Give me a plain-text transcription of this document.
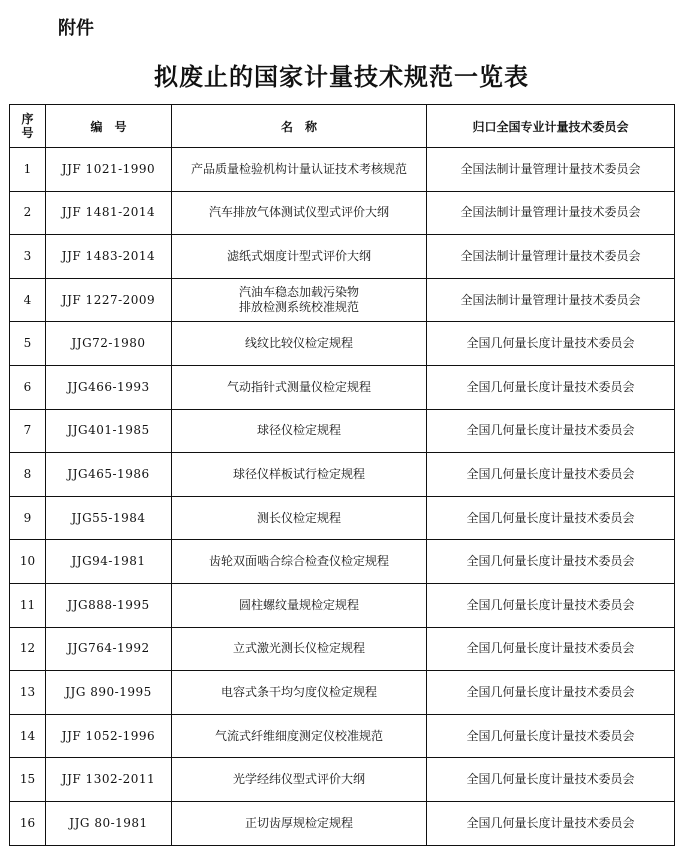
附件
拟废止的国家计量技术规范一览表
序
号	编　号	名　称	归口全国专业计量技术委员会
1	JJF 1021-1990	产品质量检验机构计量认证技术考核规范	全国法制计量管理计量技术委员会
2	JJF 1481-2014	汽车排放气体测试仪型式评价大纲	全国法制计量管理计量技术委员会
3	JJF 1483-2014	滤纸式烟度计型式评价大纲	全国法制计量管理计量技术委员会
4	JJF 1227-2009	汽油车稳态加载污染物
排放检测系统校准规范	全国法制计量管理计量技术委员会
5	JJG72-1980	线纹比较仪检定规程	全国几何量长度计量技术委员会
6	JJG466-1993	气动指针式测量仪检定规程	全国几何量长度计量技术委员会
7	JJG401-1985	球径仪检定规程	全国几何量长度计量技术委员会
8	JJG465-1986	球径仪样板试行检定规程	全国几何量长度计量技术委员会
9	JJG55-1984	测长仪检定规程	全国几何量长度计量技术委员会
10	JJG94-1981	齿轮双面啮合综合检查仪检定规程	全国几何量长度计量技术委员会
11	JJG888-1995	圆柱螺纹量规检定规程	全国几何量长度计量技术委员会
12	JJG764-1992	立式激光测长仪检定规程	全国几何量长度计量技术委员会
13	JJG 890-1995	电容式条干均匀度仪检定规程	全国几何量长度计量技术委员会
14	JJF 1052-1996	气流式纤维细度测定仪校准规范	全国几何量长度计量技术委员会
15	JJF 1302-2011	光学经纬仪型式评价大纲	全国几何量长度计量技术委员会
16	JJG 80-1981	正切齿厚规检定规程	全国几何量长度计量技术委员会
